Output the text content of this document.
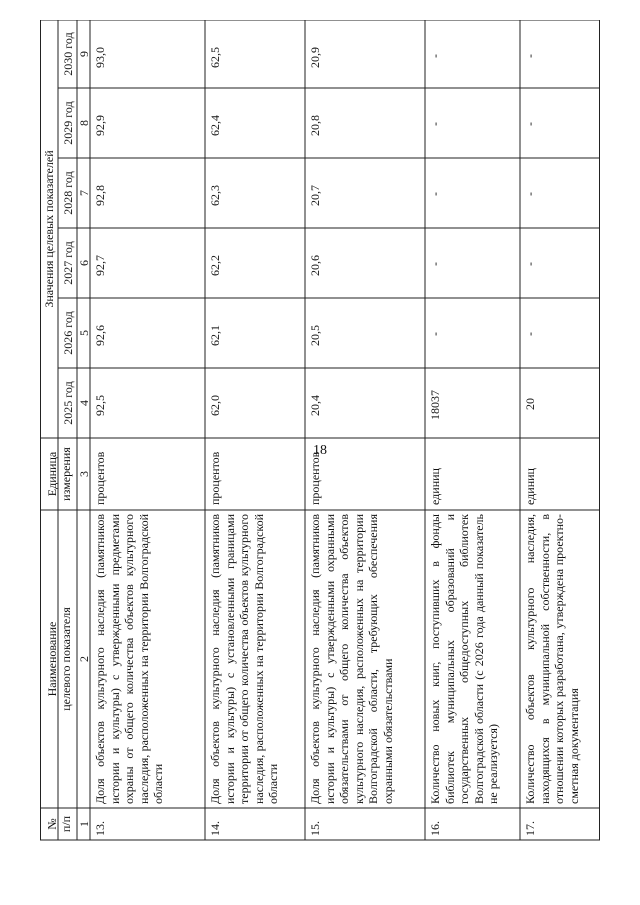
18
№ п/п
Наименование целевого показателя
Единица измерения
Значения целевых показателей
2025 год
2026 год
2027 год
2028 год
2029 год
2030 год
1
2
3
4
5
6
7
8
9
13.
Доля объектов культурного наследия (памятников истории и культуры) с утвержденными предметами охраны от общего количества объектов культурного наследия, расположенных на территории Волгоградской области
процентов
92,5
92,6
92,7
92,8
92,9
93,0
14.
Доля объектов культурного наследия (памятников истории и культуры) с установленными границами территории от общего количества объектов культурного наследия, расположенных на территории Волгоградской области
процентов
62,0
62,1
62,2
62,3
62,4
62,5
15.
Доля объектов культурного наследия (памятников истории и культуры) с утвержденными охранными обязательствами от общего количества объектов культурного наследия, расположенных на территории Волгоградской области, требующих обеспечения охранными обязательствами
процентов
20,4
20,5
20,6
20,7
20,8
20,9
16.
Количество новых книг, поступивших в фонды библиотек муниципальных образований и государственных общедоступных библиотек Волгоградской области (с 2026 года данный показатель не реализуется)
единиц
18037
-
-
-
-
-
17.
Количество объектов культурного наследия, находящихся в муниципальной собственности, в отношении которых разработана, утверждена проектно-сметная документация
единиц
20
-
-
-
-
-
